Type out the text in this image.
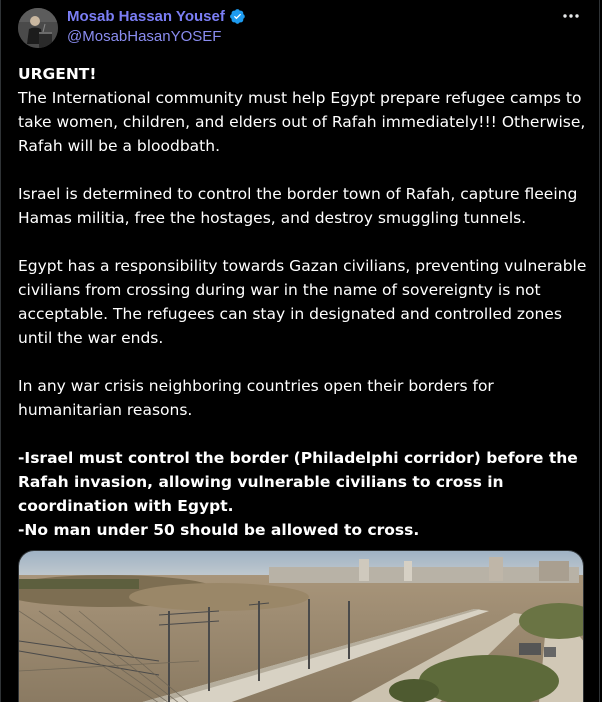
Mosab Hassan Yousef
@MosabHasanYOSEF

URGENT!

The International community must help Egypt prepare refugee camps to take women, children, and elders out of Rafah immediately!!! Otherwise, Rafah will be a bloodbath.

Israel is determined to control the border town of Rafah, capture fleeing Hamas militia, free the hostages, and destroy smuggling tunnels.

Egypt has a responsibility towards Gazan civilians, preventing vulnerable civilians from crossing during war in the name of sovereignty is not acceptable. The refugees can stay in designated and controlled zones until the war ends.

In any war crisis neighboring countries open their borders for humanitarian reasons.

-Israel must control the border (Philadelphi corridor) before the Rafah invasion, allowing vulnerable civilians to cross in coordination with Egypt.

-No man under 50 should be allowed to cross.
